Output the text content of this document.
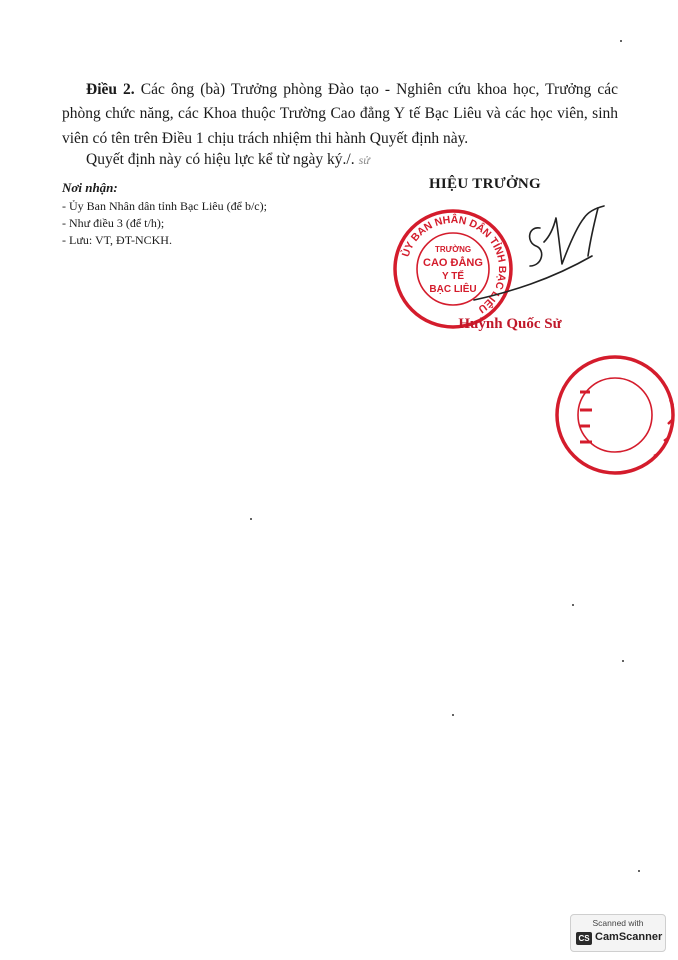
Điều 2. Các ông (bà) Trưởng phòng Đào tạo - Nghiên cứu khoa học, Trưởng các phòng chức năng, các Khoa thuộc Trường Cao đẳng Y tế Bạc Liêu và các học viên, sinh viên có tên trên Điều 1 chịu trách nhiệm thi hành Quyết định này.

Quyết định này có hiệu lực kể từ ngày ký./. sử

Nơi nhận:
- Ủy Ban Nhân dân tỉnh Bạc Liêu (để b/c);
- Như điều 3 (để t/h);
- Lưu: VT, ĐT-NCKH.
HIỆU TRƯỞNG
ỦY BAN NHÂN DÂN TỈNH BẠC LIÊU
TRƯỜNG
CAO ĐẲNG
Y TẾ
BẠC LIÊU
Huỳnh Quốc Sử
Scanned with
CS CamScanner
